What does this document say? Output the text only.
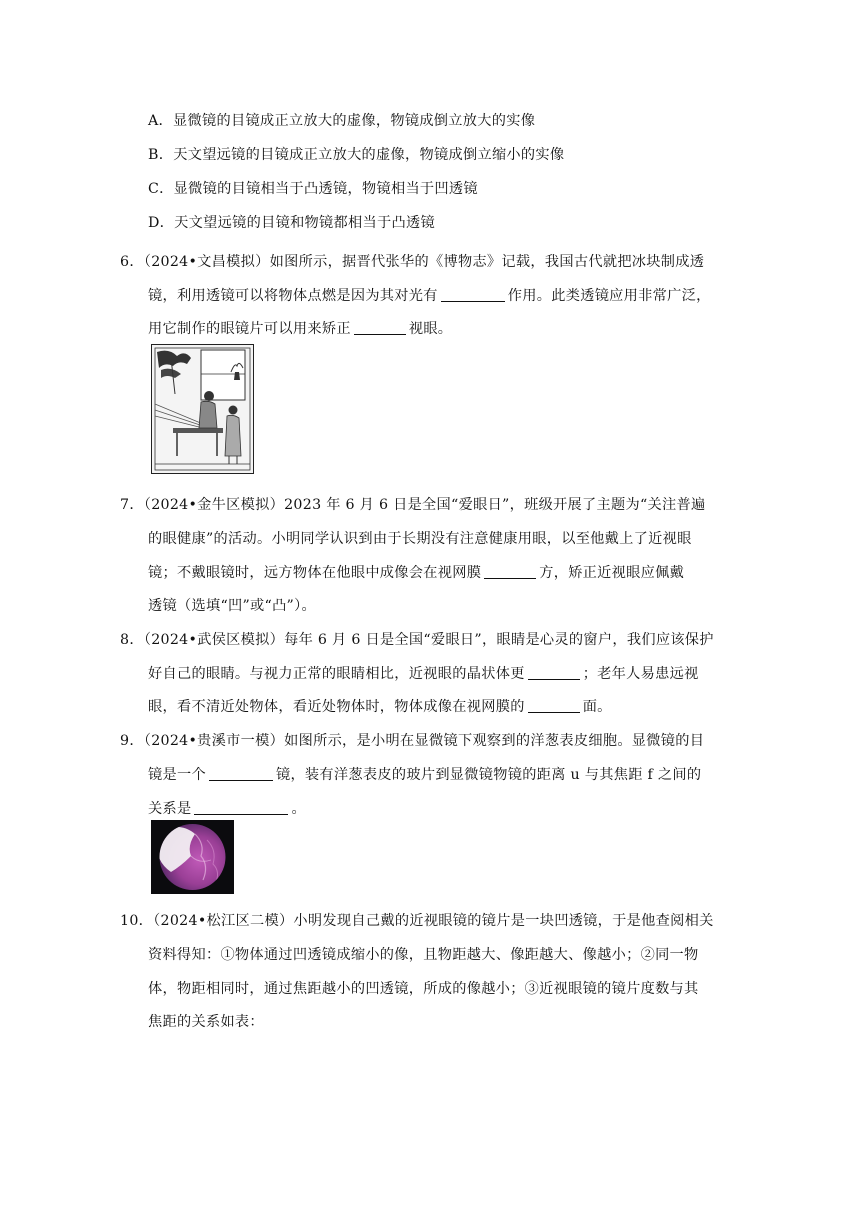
A．显微镜的目镜成正立放大的虚像，物镜成倒立放大的实像
B．天文望远镜的目镜成正立放大的虚像，物镜成倒立缩小的实像
C．显微镜的目镜相当于凸透镜，物镜相当于凹透镜
D．天文望远镜的目镜和物镜都相当于凸透镜
6．（2024•文昌模拟）如图所示，据晋代张华的《博物志》记载，我国古代就把冰块制成透
镜，利用透镜可以将物体点燃是因为其对光有	作用。此类透镜应用非常广泛，
用它制作的眼镜片可以用来矫正	视眼。
7．（2024•金牛区模拟）2023 年 6 月 6 日是全国“爱眼日”，班级开展了主题为“关注普遍
的眼健康”的活动。小明同学认识到由于长期没有注意健康用眼，以至他戴上了近视眼
镜；不戴眼镜时，远方物体在他眼中成像会在视网膜	方，矫正近视眼应佩戴
透镜（选填“凹”或“凸”）。
8．（2024•武侯区模拟）每年 6 月 6 日是全国“爱眼日”，眼睛是心灵的窗户，我们应该保护
好自己的眼睛。与视力正常的眼睛相比，近视眼的晶状体更	；老年人易患远视
眼，看不清近处物体，看近处物体时，物体成像在视网膜的	面。
9．（2024•贵溪市一模）如图所示，是小明在显微镜下观察到的洋葱表皮细胞。显微镜的目
镜是一个	镜，装有洋葱表皮的玻片到显微镜物镜的距离 u 与其焦距 f 之间的
关系是	。
10．（2024•松江区二模）小明发现自己戴的近视眼镜的镜片是一块凹透镜，于是他查阅相关
资料得知：①物体通过凹透镜成缩小的像，且物距越大、像距越大、像越小；②同一物
体，物距相同时，通过焦距越小的凹透镜，所成的像越小；③近视眼镜的镜片度数与其
焦距的关系如表：
